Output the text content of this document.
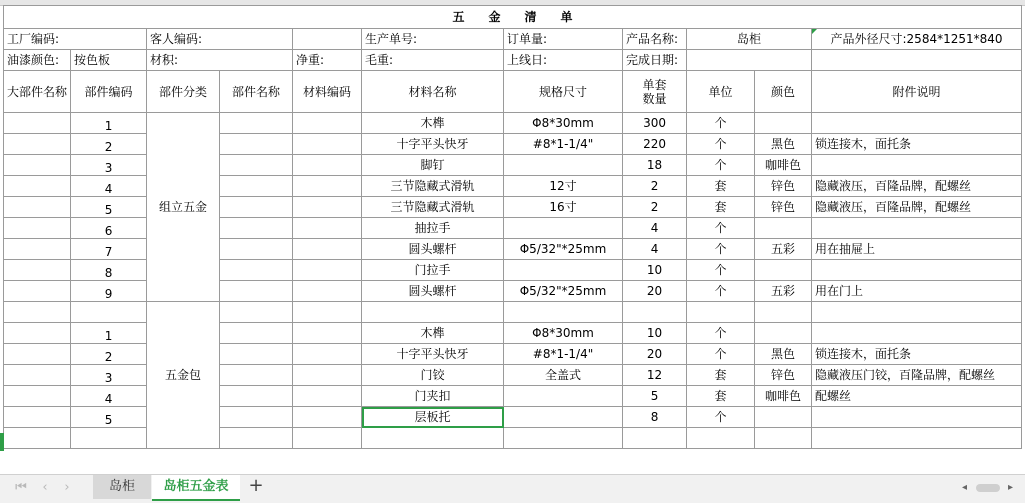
五　　金　　清　　单										
工厂编码:		客人编码:			生产单号:	订单量:	产品名称:	岛柜		产品外径尺寸:2584*1251*840
油漆颜色:	按色板	材积:		净重:	毛重:	上线日:	完成日期:			
大部件名称	部件编码	部件分类	部件名称	材料编码	材料名称	规格尺寸	单套
数量	单位	颜色	附件说明
	1	组立五金			木榫	Φ8*30mm	300	个		
	2				十字平头快牙	#8*1-1/4"	220	个	黑色	锁连接木，面托条
	3				脚钉		18	个	咖啡色	
	4				三节隐藏式滑轨	12寸	2	套	锌色	隐藏液压，百隆品牌，配螺丝
	5				三节隐藏式滑轨	16寸	2	套	锌色	隐藏液压，百隆品牌，配螺丝
	6				抽拉手		4	个		
	7				圆头螺杆	Φ5/32"*25mm	4	个	五彩	用在抽屉上
	8				门拉手		10	个		
	9				圆头螺杆	Φ5/32"*25mm	20	个	五彩	用在门上
		五金包								
	1				木榫	Φ8*30mm	10	个		
	2				十字平头快牙	#8*1-1/4"	20	个	黑色	锁连接木，面托条
	3				门铰	全盖式	12	套	锌色	隐藏液压门铰，百隆品牌，配螺丝
	4				门夹扣		5	套	咖啡色	配螺丝
	5				层板托		8	个		

⏮	‹	›	岛柜	岛柜五金表	+	◂	▸
